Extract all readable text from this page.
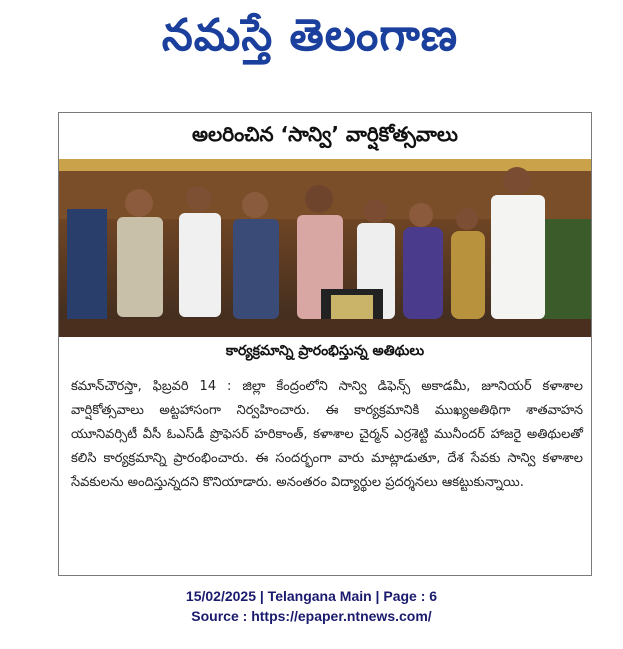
నమస్తే తెలంగాణ
అలరించిన ‘సాన్వి’ వార్షికోత్సవాలు
కార్యక్రమాన్ని ప్రారంభిస్తున్న అతిథులు

కమాన్‌చౌరస్తా, ఫిబ్రవరి 14 : జిల్లా కేంద్రంలోని సాన్వి డిఫెన్స్ అకాడమీ, జూనియర్ కళాశాల వార్షికోత్సవాలు అట్టహాసంగా నిర్వహించారు. ఈ కార్యక్రమానికి ముఖ్యఅతిథిగా శాతవాహన యూనివర్సిటీ వీసీ ఓఎస్‌డీ ప్రొఫెసర్ హరికాంత్, కళాశాల చైర్మన్ ఎర్రశెట్టి మునీందర్ హాజరై అతిథులతో కలిసి కార్యక్రమాన్ని ప్రారంభించారు. ఈ సందర్భంగా వారు మాట్లాడుతూ, దేశ సేవకు సాన్వి కళాశాల సేవకులను అందిస్తున్నదని కొనియాడారు. అనంతరం విద్యార్థుల ప్రదర్శనలు ఆకట్టుకున్నాయి.

15/02/2025 | Telangana Main | Page : 6
Source : https://epaper.ntnews.com/
